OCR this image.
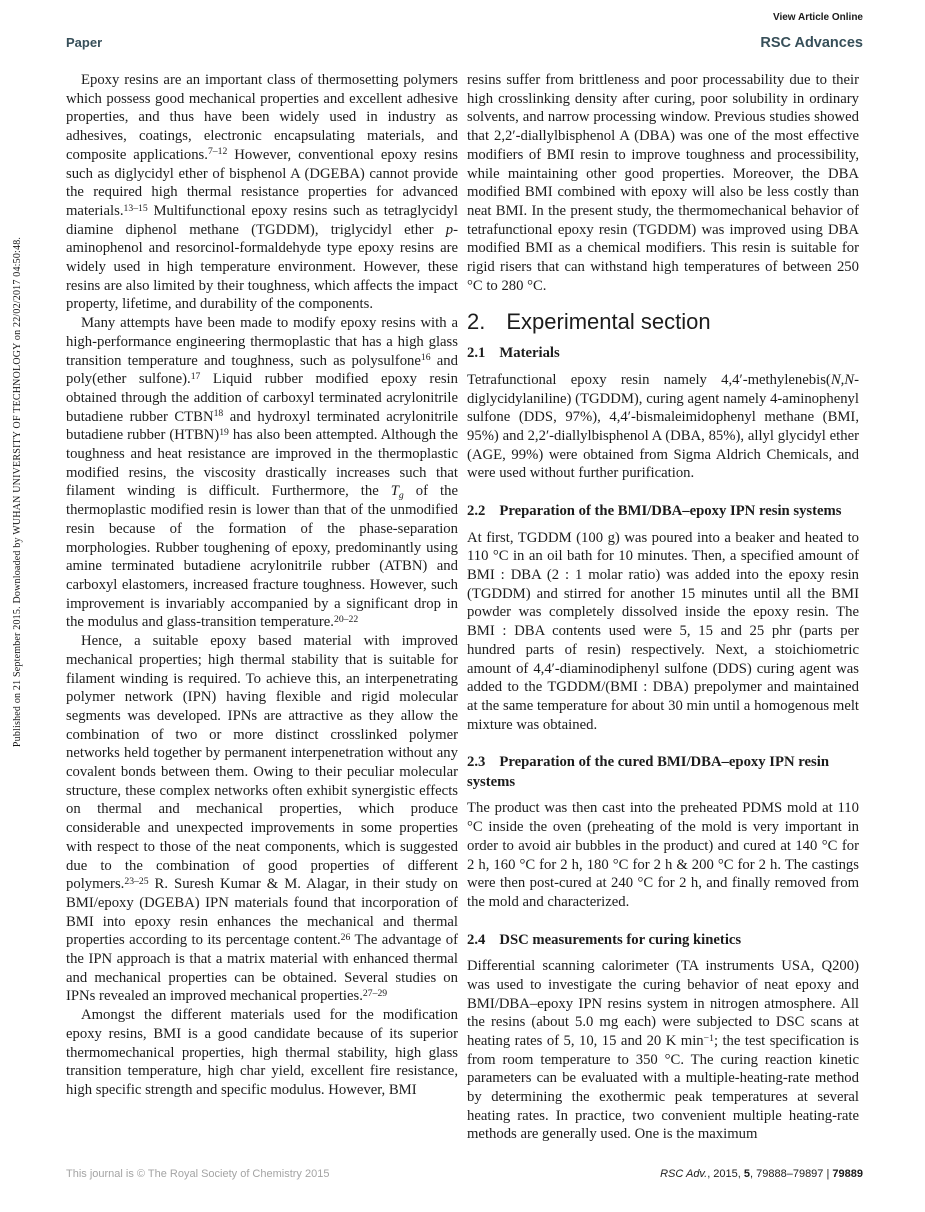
Published on 21 September 2015. Downloaded by WUHAN UNIVERSITY OF TECHNOLOGY on 22/02/2017 04:50:48.
View Article Online
Paper	RSC Advances

Epoxy resins are an important class of thermosetting polymers which possess good mechanical properties and excellent adhesive properties, and thus have been widely used in industry as adhesives, coatings, electronic encapsulating materials, and composite applications.$^{7-12}$ However, conventional epoxy resins such as diglycidyl ether of bisphenol A (DGEBA) cannot provide the required high thermal resistance properties for advanced materials.$^{13-15}$ Multifunctional epoxy resins such as tetraglycidyl diamine diphenol methane (TGDDM), triglycidyl ether p-aminophenol and resorcinol-formaldehyde type epoxy resins are widely used in high temperature environment. However, these resins are also limited by their toughness, which affects the impact property, lifetime, and durability of the components.

Many attempts have been made to modify epoxy resins with a high-performance engineering thermoplastic that has a high glass transition temperature and toughness, such as polysulfone$^{16}$ and poly(ether sulfone).$^{17}$ Liquid rubber modified epoxy resin obtained through the addition of carboxyl terminated acrylonitrile butadiene rubber CTBN$^{18}$ and hydroxyl terminated acrylonitrile butadiene rubber (HTBN)$^{19}$ has also been attempted. Although the toughness and heat resistance are improved in the thermoplastic modified resins, the viscosity drastically increases such that filament winding is difficult. Furthermore, the Tg of the thermoplastic modified resin is lower than that of the unmodified resin because of the formation of the phase-separation morphologies. Rubber toughening of epoxy, predominantly using amine terminated butadiene acrylonitrile rubber (ATBN) and carboxyl elastomers, increased fracture toughness. However, such improvement is invariably accompanied by a significant drop in the modulus and glass-transition temperature.$^{20-22}$

Hence, a suitable epoxy based material with improved mechanical properties; high thermal stability that is suitable for filament winding is required. To achieve this, an interpenetrating polymer network (IPN) having flexible and rigid molecular segments was developed. IPNs are attractive as they allow the combination of two or more distinct crosslinked polymer networks held together by permanent interpenetration without any covalent bonds between them. Owing to their peculiar molecular structure, these complex networks often exhibit synergistic effects on thermal and mechanical properties, which produce considerable and unexpected improvements in some properties with respect to those of the neat components, which is suggested due to the combination of good properties of different polymers.$^{23-25}$ R. Suresh Kumar & M. Alagar, in their study on BMI/epoxy (DGEBA) IPN materials found that incorporation of BMI into epoxy resin enhances the mechanical and thermal properties according to its percentage content.$^{26}$ The advantage of the IPN approach is that a matrix material with enhanced thermal and mechanical properties can be obtained. Several studies on IPNs revealed an improved mechanical properties.$^{27-29}$

Amongst the different materials used for the modification epoxy resins, BMI is a good candidate because of its superior thermomechanical properties, high thermal stability, high glass transition temperature, high char yield, excellent fire resistance, high specific strength and specific modulus. However, BMI

resins suffer from brittleness and poor processability due to their high crosslinking density after curing, poor solubility in ordinary solvents, and narrow processing window. Previous studies showed that 2,2′-diallylbisphenol A (DBA) was one of the most effective modifiers of BMI resin to improve toughness and processibility, while maintaining other good properties. Moreover, the DBA modified BMI combined with epoxy will also be less costly than neat BMI. In the present study, the thermomechanical behavior of tetrafunctional epoxy resin (TGDDM) was improved using DBA modified BMI as a chemical modifiers. This resin is suitable for rigid risers that can withstand high temperatures of between 250 °C to 280 °C.

2. Experimental section
2.1 Materials

Tetrafunctional epoxy resin namely 4,4′-methylenebis(N,N-diglycidylaniline) (TGDDM), curing agent namely 4-aminophenyl sulfone (DDS, 97%), 4,4′-bismaleimidophenyl methane (BMI, 95%) and 2,2′-diallylbisphenol A (DBA, 85%), allyl glycidyl ether (AGE, 99%) were obtained from Sigma Aldrich Chemicals, and were used without further purification.

2.2 Preparation of the BMI/DBA–epoxy IPN resin systems

At first, TGDDM (100 g) was poured into a beaker and heated to 110 °C in an oil bath for 10 minutes. Then, a specified amount of BMI : DBA (2 : 1 molar ratio) was added into the epoxy resin (TGDDM) and stirred for another 15 minutes until all the BMI powder was completely dissolved inside the epoxy resin. The BMI : DBA contents used were 5, 15 and 25 phr (parts per hundred parts of resin) respectively. Next, a stoichiometric amount of 4,4′-diaminodiphenyl sulfone (DDS) curing agent was added to the TGDDM/(BMI : DBA) prepolymer and maintained at the same temperature for about 30 min until a homogenous melt mixture was obtained.

2.3 Preparation of the cured BMI/DBA–epoxy IPN resin systems

The product was then cast into the preheated PDMS mold at 110 °C inside the oven (preheating of the mold is very important in order to avoid air bubbles in the product) and cured at 140 °C for 2 h, 160 °C for 2 h, 180 °C for 2 h & 200 °C for 2 h. The castings were then post-cured at 240 °C for 2 h, and finally removed from the mold and characterized.

2.4 DSC measurements for curing kinetics

Differential scanning calorimeter (TA instruments USA, Q200) was used to investigate the curing behavior of neat epoxy and BMI/DBA–epoxy IPN resins system in nitrogen atmosphere. All the resins (about 5.0 mg each) were subjected to DSC scans at heating rates of 5, 10, 15 and 20 K $\min^{-1}$; the test specification is from room temperature to 350 °C. The curing reaction kinetic parameters can be evaluated with a multiple-heating-rate method by determining the exothermic peak temperatures at several heating rates. In practice, two convenient multiple heating-rate methods are generally used. One is the maximum

This journal is © The Royal Society of Chemistry 2015	RSC Adv., 2015, 5, 79888–79897 | 79889
